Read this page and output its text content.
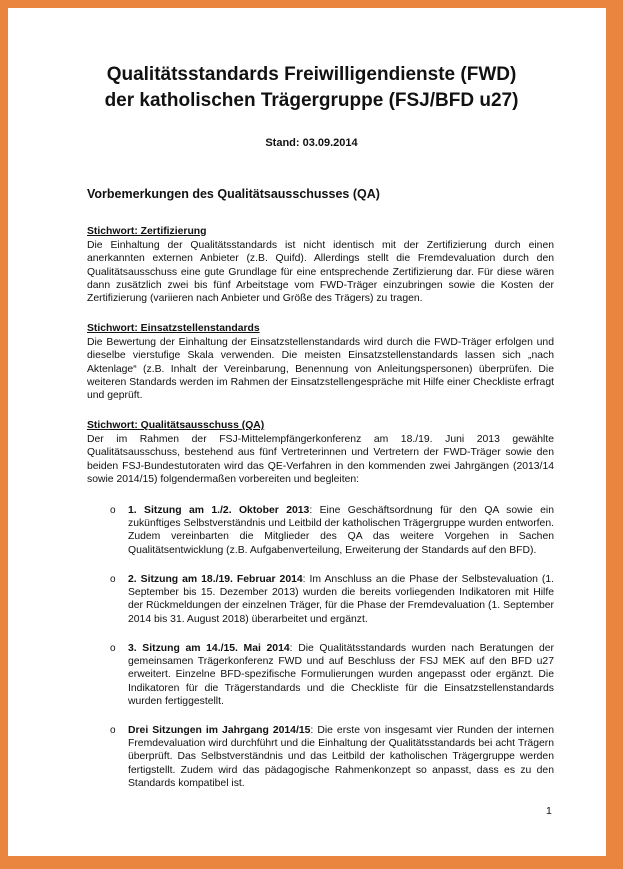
Qualitätsstandards Freiwilligendienste (FWD)
der katholischen Trägergruppe (FSJ/BFD u27)
Stand: 03.09.2014
Vorbemerkungen des Qualitätsausschusses (QA)
Stichwort: Zertifizierung

Die Einhaltung der Qualitätsstandards ist nicht identisch mit der Zertifizierung durch einen anerkannten externen Anbieter (z.B. Quifd). Allerdings stellt die Fremdevaluation durch den Qualitätsausschuss eine gute Grundlage für eine entsprechende Zertifizierung dar. Für diese wären dann zusätzlich zwei bis fünf Arbeitstage vom FWD-Träger einzubringen sowie die Kosten der Zertifizierung (variieren nach Anbieter und Größe des Trägers) zu tragen.

Stichwort: Einsatzstellenstandards

Die Bewertung der Einhaltung der Einsatzstellenstandards wird durch die FWD-Träger erfolgen und dieselbe vierstufige Skala verwenden. Die meisten Einsatzstellenstandards lassen sich „nach Aktenlage“ (z.B. Inhalt der Vereinbarung, Benennung von Anleitungspersonen) überprüfen. Die weiteren Standards werden im Rahmen der Einsatzstellengespräche mit Hilfe einer Checkliste erfragt und geprüft.

Stichwort: Qualitätsausschuss (QA)

Der im Rahmen der FSJ-Mittelempfängerkonferenz am 18./19. Juni 2013 gewählte Qualitätsausschuss, bestehend aus fünf Vertreterinnen und Vertretern der FWD-Träger sowie den beiden FSJ-Bundestutoraten wird das QE-Verfahren in den kommenden zwei Jahrgängen (2013/14 sowie 2014/15) folgendermaßen vorbereiten und begleiten:

o 1. Sitzung am 1./2. Oktober 2013: Eine Geschäftsordnung für den QA sowie ein zukünftiges Selbstverständnis und Leitbild der katholischen Trägergruppe wurden entworfen. Zudem vereinbarten die Mitglieder des QA das weitere Vorgehen in Sachen Qualitätsentwicklung (z.B. Aufgabenverteilung, Erweiterung der Standards auf den BFD).

o 2. Sitzung am 18./19. Februar 2014: Im Anschluss an die Phase der Selbstevaluation (1. September bis 15. Dezember 2013) wurden die bereits vorliegenden Indikatoren mit Hilfe der Rückmeldungen der einzelnen Träger, für die Phase der Fremdevaluation (1. September 2014 bis 31. August 2018) überarbeitet und ergänzt.

o 3. Sitzung am 14./15. Mai 2014: Die Qualitätsstandards wurden nach Beratungen der gemeinsamen Trägerkonferenz FWD und auf Beschluss der FSJ MEK auf den BFD u27 erweitert. Einzelne BFD-spezifische Formulierungen wurden angepasst oder ergänzt. Die Indikatoren für die Trägerstandards und die Checkliste für die Einsatzstellenstandards wurden fertiggestellt.

o Drei Sitzungen im Jahrgang 2014/15: Die erste von insgesamt vier Runden der internen Fremdevaluation wird durchführt und die Einhaltung der Qualitätsstandards bei acht Trägern überprüft. Das Selbstverständnis und das Leitbild der katholischen Trägergruppe werden fertigstellt. Zudem wird das pädagogische Rahmenkonzept so anpasst, dass es zu den Standards kompatibel ist.

1
